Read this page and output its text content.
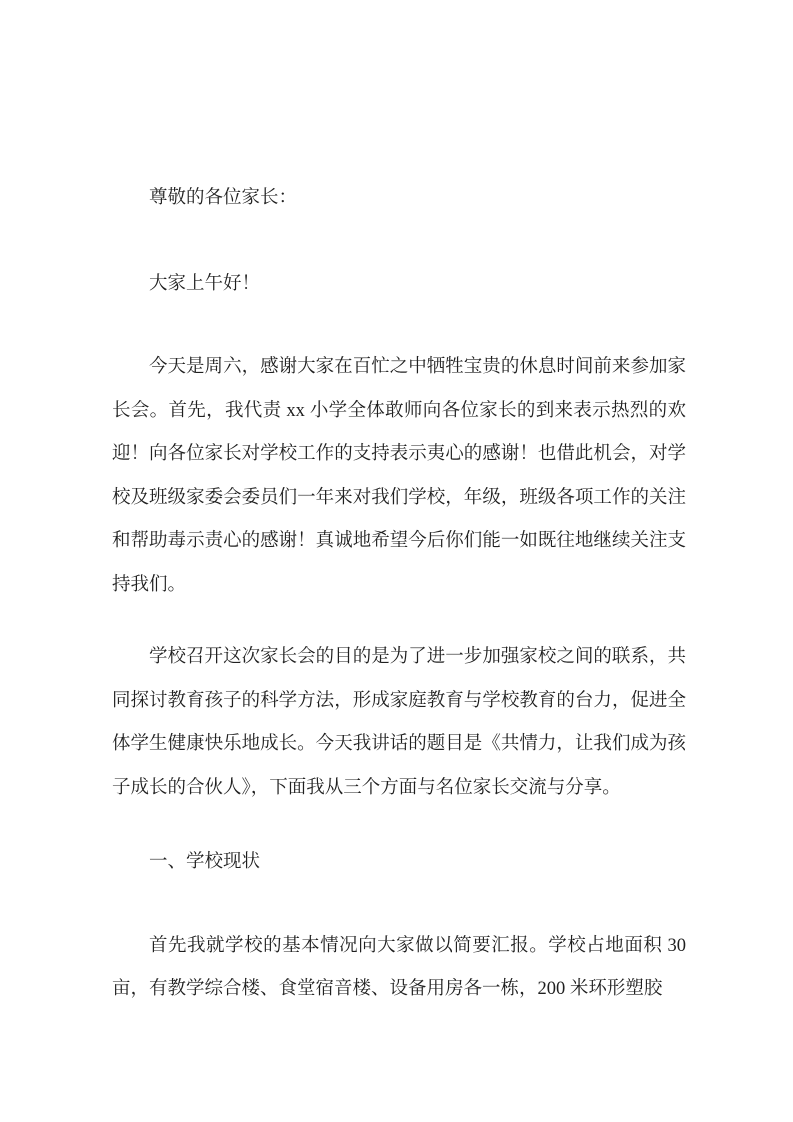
尊敬的各位家长：

大家上午好！

今天是周六，感谢大家在百忙之中牺牲宝贵的休息时间前来参加家长会。首先，我代责 xx 小学全体敢师向各位家长的到来表示热烈的欢迎！向各位家长对学校工作的支持表示夷心的感谢！也借此机会，对学校及班级家委会委员们一年来对我们学校，年级，班级各项工作的关注和帮助毒示责心的感谢！真诚地希望今后你们能一如既往地继续关注支持我们。

学校召开这次家长会的目的是为了进一步加强家校之间的联系，共同探讨教育孩子的科学方法，形成家庭教育与学校教育的台力，促进全体学生健康快乐地成长。今天我讲话的题目是《共情力，让我们成为孩子成长的合伙人》，下面我从三个方面与名位家长交流与分享。

一、学校现状

首先我就学校的基本情况向大家做以简要汇报。学校占地面积 30 亩，有教学综合楼、食堂宿音楼、设备用房各一栋，200 米环形塑胶
